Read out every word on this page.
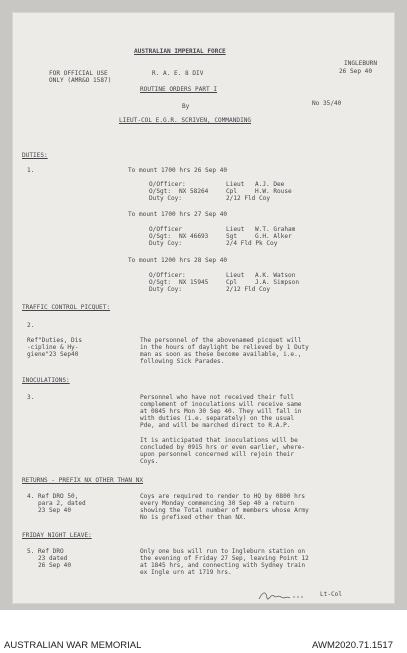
AUSTRALIAN IMPERIAL FORCE
FOR OFFICIAL USE
ONLY (AMR&O 1587)
INGLEBURN
26 Sep 40
R. A. E. 8 DIV
ROUTINE ORDERS PART I
No 35/40
By
LIEUT-COL E.G.R. SCRIVEN, COMMANDING
DUTIES:
1.	To mount 1700 hrs 26 Sep 40
O/Officer:	Lieut A.J. Dee
O/Sgt: NX 58264	Cpl	H.W. Rouse
Duty Coy:	2/12 Fld Coy
To mount 1700 hrs 27 Sep 40
O/Officer	Lieut W.T. Graham
O/Sgt: NX 46693	Sgt	G.H. Alker
Duty Coy:	2/4 Fld Pk Coy
To mount 1200 hrs 28 Sep 40
O/Officer:	Lieut A.K. Watson
O/Sgt: NX 15945	Cpl	J.A. Simpson
Duty Coy:	2/12 Fld Coy
TRAFFIC CONTROL PICQUET:
2.
Ref"Duties, Dis
-cipline & Hy-
giene"23 Sep40
The personnel of the abovenamed picquet will
in the hours of daylight be relieved by 1 Duty
man as soon as these become available, i.e.,
following Sick Parades.
INOCULATIONS:
3.	Personnel who have not received their full
complement of inoculations will receive same
at 0845 hrs Mon 30 Sep 40. They will fall in
with duties (i.e. separately) on the usual
Pde, and will be marched direct to R.A.P.
It is anticipated that inoculations will be
concluded by 0915 hrs or even earlier, where-
upon personnel concerned will rejoin their
Coys.
RETURNS - PREFIX NX OTHER THAN NX
4. Ref DRO 50,
para 2, dated
23 Sep 40
Coys are required to render to HQ by 0800 hrs
every Monday commencing 30 Sep 40 a return
showing the Total number of members whose Army
No is prefixed other than NX.
FRIDAY NIGHT LEAVE:
5. Ref DRO
23 dated
26 Sep 40
Only one bus will run to Ingleburn station on
the evening of Friday 27 Sep, leaving Point 12
at 1845 hrs, and connecting with Sydney train
ex Ingle urn at 1719 hrs.
Lt-Col
AUSTRALIAN WAR MEMORIAL	AWM2020.71.1517
